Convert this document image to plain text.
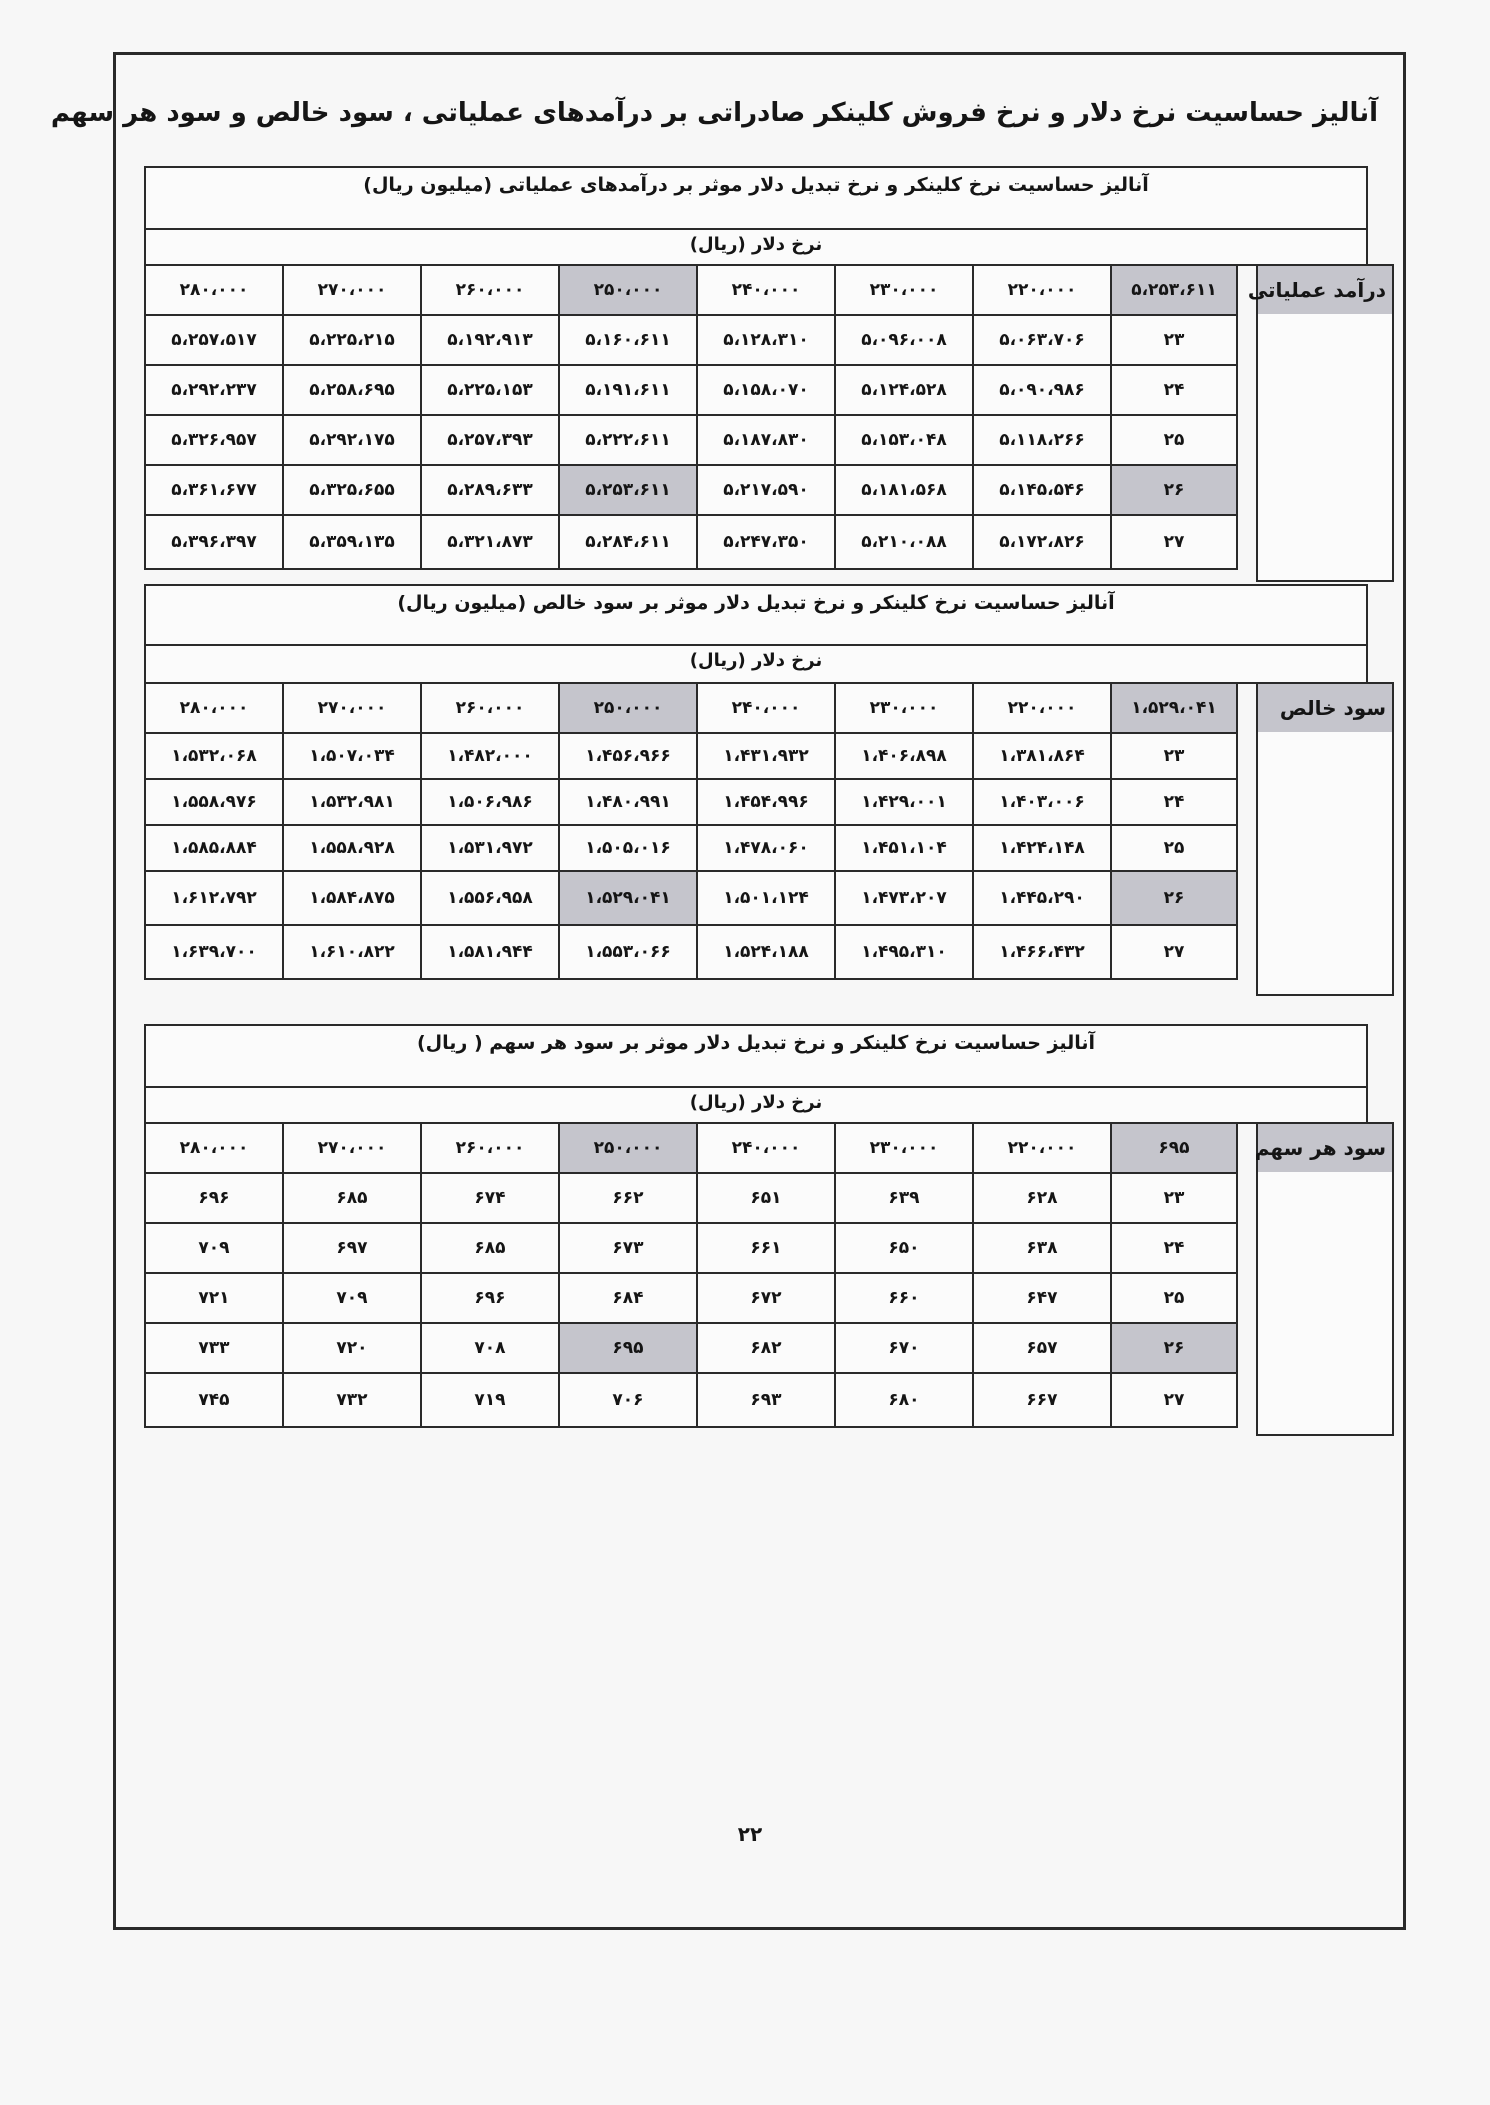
آنالیز حساسیت نرخ دلار و نرخ فروش کلینکر صادراتی بر درآمدهای عملیاتی ، سود خالص و سود هر سهم
آنالیز حساسیت نرخ کلینکر و نرخ تبدیل دلار موثر بر درآمدهای عملیاتی (میلیون ریال)
نرخ دلار (ریال)
درآمد عملیاتی
۲۸۰،۰۰۰	۲۷۰،۰۰۰	۲۶۰،۰۰۰	۲۵۰،۰۰۰	۲۴۰،۰۰۰	۲۳۰،۰۰۰	۲۲۰،۰۰۰	۵،۲۵۳،۶۱۱
۵،۲۵۷،۵۱۷	۵،۲۲۵،۲۱۵	۵،۱۹۲،۹۱۳	۵،۱۶۰،۶۱۱	۵،۱۲۸،۳۱۰	۵،۰۹۶،۰۰۸	۵،۰۶۳،۷۰۶	۲۳
۵،۲۹۲،۲۳۷	۵،۲۵۸،۶۹۵	۵،۲۲۵،۱۵۳	۵،۱۹۱،۶۱۱	۵،۱۵۸،۰۷۰	۵،۱۲۴،۵۲۸	۵،۰۹۰،۹۸۶	۲۴
۵،۳۲۶،۹۵۷	۵،۲۹۲،۱۷۵	۵،۲۵۷،۳۹۳	۵،۲۲۲،۶۱۱	۵،۱۸۷،۸۳۰	۵،۱۵۳،۰۴۸	۵،۱۱۸،۲۶۶	۲۵
۵،۳۶۱،۶۷۷	۵،۳۲۵،۶۵۵	۵،۲۸۹،۶۳۳	۵،۲۵۳،۶۱۱	۵،۲۱۷،۵۹۰	۵،۱۸۱،۵۶۸	۵،۱۴۵،۵۴۶	۲۶
۵،۳۹۶،۳۹۷	۵،۳۵۹،۱۳۵	۵،۳۲۱،۸۷۳	۵،۲۸۴،۶۱۱	۵،۲۴۷،۳۵۰	۵،۲۱۰،۰۸۸	۵،۱۷۲،۸۲۶	۲۷
آنالیز حساسیت نرخ کلینکر و نرخ تبدیل دلار موثر بر سود خالص (میلیون ریال)
نرخ دلار (ریال)
سود خالص
۲۸۰،۰۰۰	۲۷۰،۰۰۰	۲۶۰،۰۰۰	۲۵۰،۰۰۰	۲۴۰،۰۰۰	۲۳۰،۰۰۰	۲۲۰،۰۰۰	۱،۵۲۹،۰۴۱
۱،۵۳۲،۰۶۸	۱،۵۰۷،۰۳۴	۱،۴۸۲،۰۰۰	۱،۴۵۶،۹۶۶	۱،۴۳۱،۹۳۲	۱،۴۰۶،۸۹۸	۱،۳۸۱،۸۶۴	۲۳
۱،۵۵۸،۹۷۶	۱،۵۳۲،۹۸۱	۱،۵۰۶،۹۸۶	۱،۴۸۰،۹۹۱	۱،۴۵۴،۹۹۶	۱،۴۲۹،۰۰۱	۱،۴۰۳،۰۰۶	۲۴
۱،۵۸۵،۸۸۴	۱،۵۵۸،۹۲۸	۱،۵۳۱،۹۷۲	۱،۵۰۵،۰۱۶	۱،۴۷۸،۰۶۰	۱،۴۵۱،۱۰۴	۱،۴۲۴،۱۴۸	۲۵
۱،۶۱۲،۷۹۲	۱،۵۸۴،۸۷۵	۱،۵۵۶،۹۵۸	۱،۵۲۹،۰۴۱	۱،۵۰۱،۱۲۴	۱،۴۷۳،۲۰۷	۱،۴۴۵،۲۹۰	۲۶
۱،۶۳۹،۷۰۰	۱،۶۱۰،۸۲۲	۱،۵۸۱،۹۴۴	۱،۵۵۳،۰۶۶	۱،۵۲۴،۱۸۸	۱،۴۹۵،۳۱۰	۱،۴۶۶،۴۳۲	۲۷
آنالیز حساسیت نرخ کلینکر و نرخ تبدیل دلار موثر بر سود هر سهم ( ریال)
نرخ دلار (ریال)
سود هر سهم
۲۸۰،۰۰۰	۲۷۰،۰۰۰	۲۶۰،۰۰۰	۲۵۰،۰۰۰	۲۴۰،۰۰۰	۲۳۰،۰۰۰	۲۲۰،۰۰۰	۶۹۵
۶۹۶	۶۸۵	۶۷۴	۶۶۲	۶۵۱	۶۳۹	۶۲۸	۲۳
۷۰۹	۶۹۷	۶۸۵	۶۷۳	۶۶۱	۶۵۰	۶۳۸	۲۴
۷۲۱	۷۰۹	۶۹۶	۶۸۴	۶۷۲	۶۶۰	۶۴۷	۲۵
۷۳۳	۷۲۰	۷۰۸	۶۹۵	۶۸۲	۶۷۰	۶۵۷	۲۶
۷۴۵	۷۳۲	۷۱۹	۷۰۶	۶۹۳	۶۸۰	۶۶۷	۲۷
۲۲
